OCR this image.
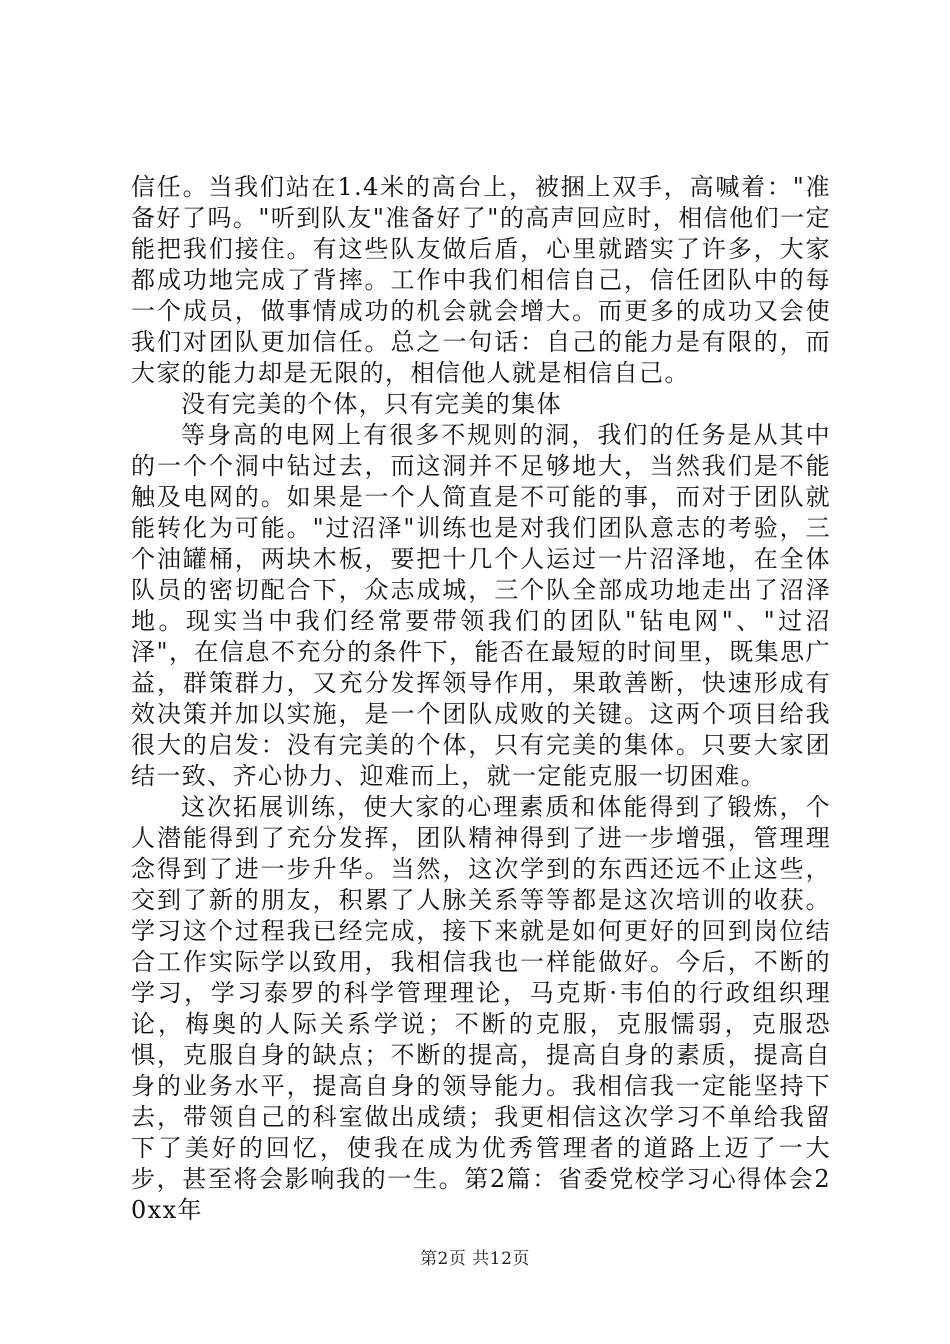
信任。当我们站在1.4米的高台上，被捆上双手，高喊着："准备好了吗。"听到队友"准备好了"的高声回应时，相信他们一定能把我们接住。有这些队友做后盾，心里就踏实了许多，大家都成功地完成了背摔。工作中我们相信自己，信任团队中的每一个成员，做事情成功的机会就会增大。而更多的成功又会使我们对团队更加信任。总之一句话：自己的能力是有限的，而大家的能力却是无限的，相信他人就是相信自己。

没有完美的个体，只有完美的集体

等身高的电网上有很多不规则的洞，我们的任务是从其中的一个个洞中钻过去，而这洞并不足够地大，当然我们是不能触及电网的。如果是一个人简直是不可能的事，而对于团队就能转化为可能。"过沼泽"训练也是对我们团队意志的考验，三个油罐桶，两块木板，要把十几个人运过一片沼泽地，在全体队员的密切配合下，众志成城，三个队全部成功地走出了沼泽地。现实当中我们经常要带领我们的团队"钻电网"、"过沼泽"，在信息不充分的条件下，能否在最短的时间里，既集思广益，群策群力，又充分发挥领导作用，果敢善断，快速形成有效决策并加以实施，是一个团队成败的关键。这两个项目给我很大的启发：没有完美的个体，只有完美的集体。只要大家团结一致、齐心协力、迎难而上，就一定能克服一切困难。

这次拓展训练，使大家的心理素质和体能得到了锻炼，个人潜能得到了充分发挥，团队精神得到了进一步增强，管理理念得到了进一步升华。当然，这次学到的东西还远不止这些，交到了新的朋友，积累了人脉关系等等都是这次培训的收获。学习这个过程我已经完成，接下来就是如何更好的回到岗位结合工作实际学以致用，我相信我也一样能做好。今后，不断的学习，学习泰罗的科学管理理论，马克斯·韦伯的行政组织理论，梅奥的人际关系学说；不断的克服，克服懦弱，克服恐惧，克服自身的缺点；不断的提高，提高自身的素质，提高自身的业务水平，提高自身的领导能力。我相信我一定能坚持下去，带领自己的科室做出成绩；我更相信这次学习不单给我留下了美好的回忆，使我在成为优秀管理者的道路上迈了一大步，甚至将会影响我的一生。第2篇：省委党校学习心得体会20xx年

第2页 共12页
